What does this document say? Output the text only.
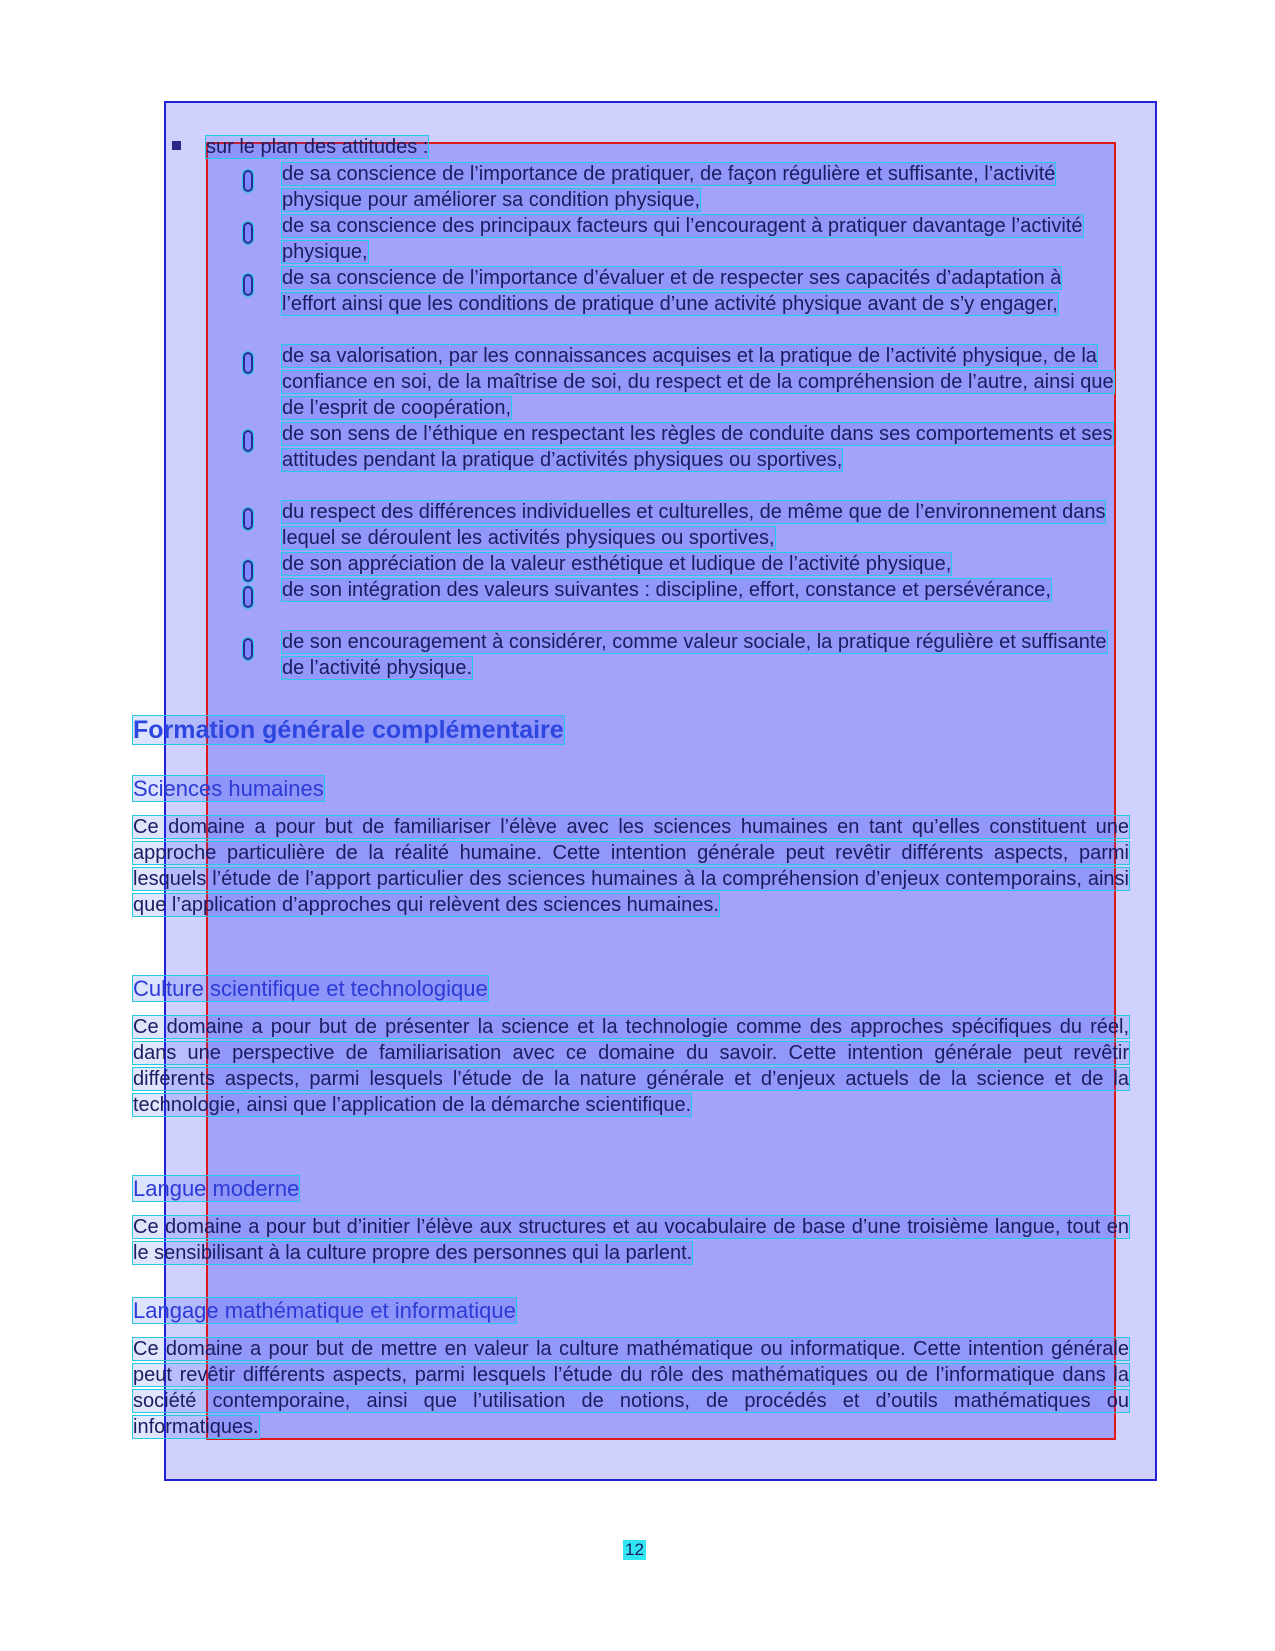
sur le plan des attitudes :
de sa conscience de l’importance de pratiquer, de façon régulière et suffisante, l’activité physique pour améliorer sa condition physique,
de sa conscience des principaux facteurs qui l’encouragent à pratiquer davantage l’activité physique,
de sa conscience de l’importance d’évaluer et de respecter ses capacités d’adaptation à l’effort ainsi que les conditions de pratique d’une activité physique avant de s’y engager,
de sa valorisation, par les connaissances acquises et la pratique de l’activité physique, de la confiance en soi, de la maîtrise de soi, du respect et de la compréhension de l’autre, ainsi que de l’esprit de coopération,
de son sens de l’éthique en respectant les règles de conduite dans ses comportements et ses attitudes pendant la pratique d’activités physiques ou sportives,
du respect des différences individuelles et culturelles, de même que de l’environnement dans lequel se déroulent les activités physiques ou sportives,
de son appréciation de la valeur esthétique et ludique de l’activité physique,
de son intégration des valeurs suivantes : discipline, effort, constance et persévérance,
de son encouragement à considérer, comme valeur sociale, la pratique régulière et suffisante de l’activité physique.
Formation générale complémentaire
Sciences humaines
Ce domaine a pour but de familiariser l’élève avec les sciences humaines en tant qu’elles constituent une approche particulière de la réalité humaine. Cette intention générale peut revêtir différents aspects, parmi lesquels l’étude de l’apport particulier des sciences humaines à la compréhension d’enjeux contemporains, ainsi que l’application d’approches qui relèvent des sciences humaines.
Culture scientifique et technologique
Ce domaine a pour but de présenter la science et la technologie comme des approches spécifiques du réel, dans une perspective de familiarisation avec ce domaine du savoir. Cette intention générale peut revêtir différents aspects, parmi lesquels l’étude de la nature générale et d’enjeux actuels de la science et de la technologie, ainsi que l’application de la démarche scientifique.
Langue moderne
Ce domaine a pour but d’initier l’élève aux structures et au vocabulaire de base d’une troisième langue, tout en le sensibilisant à la culture propre des personnes qui la parlent.
Langage mathématique et informatique
Ce domaine a pour but de mettre en valeur la culture mathématique ou informatique. Cette intention générale peut revêtir différents aspects, parmi lesquels l’étude du rôle des mathématiques ou de l’informatique dans la société contemporaine, ainsi que l’utilisation de notions, de procédés et d’outils mathématiques ou informatiques.
12
